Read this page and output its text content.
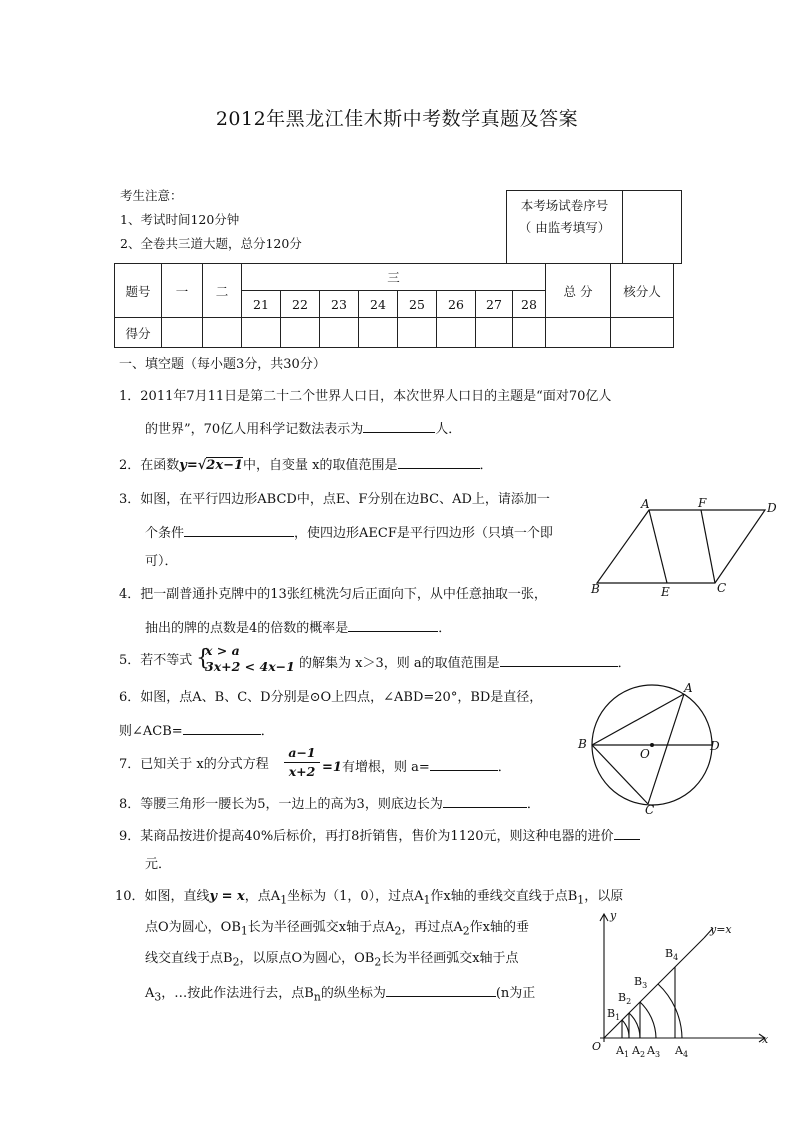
2012年黑龙江佳木斯中考数学真题及答案
考生注意：
1、考试时间120分钟
2、全卷共三道大题，总分120分
本考场试卷序号
（ 由监考填写）
题号	一	二	三								总 分	核分人
			21	22	23	24	25	26	27	28		
得分												
一、填空题（每小题3分，共30分）
1．2011年7月11日是第二十二个世界人口日，本次世界人口日的主题是“面对70亿人
的世界”，70亿人用科学记数法表示为	人．
2．在函数y=√2x−1中，自变量 x的取值范围是	．
3．如图，在平行四边形ABCD中，点E、F分别在边BC、AD上，请添加一
个条件	，使四边形AECF是平行四边形（只填一个即
可）．
4．把一副普通扑克牌中的13张红桃洗匀后正面向下，从中任意抽取一张，
抽出的牌的点数是4的倍数的概率是	．
5．若不等式 {
x > a
3x+2 < 4x−1 的解集为 x＞3，则 a的取值范围是	．
6．如图，点A、B、C、D分别是⊙O上四点，∠ABD=20°，BD是直径，
则∠ACB=	．
7．已知关于 x的分式方程
a−1
x+2 =1有增根，则 a=	．
8．等腰三角形一腰长为5，一边上的高为3，则底边长为	．
9．某商品按进价提高40%后标价，再打8折销售，售价为1120元，则这种电器的进价
元．
10．如图，直线y = x，点$A_1$坐标为（1，0），过点$A_1$作x轴的垂线交直线于点$B_1$，以原
点O为圆心，$OB_1$长为半径画弧交x轴于点$A_2$，再过点$A_2$作x轴的垂
线交直线于点$B_2$，以原点O为圆心，$OB_2$长为半径画弧交x轴于点
$A_3$，…按此作法进行去，点$B_n$的纵坐标为	(n为正
A	F	D
B	E	C
A
B
O
D
C
y
x
O
y=x
$B_1$
$B_2$
$B_3$
$B_4$
$A_1$ $A_2$ $A_3$ $A_4$
